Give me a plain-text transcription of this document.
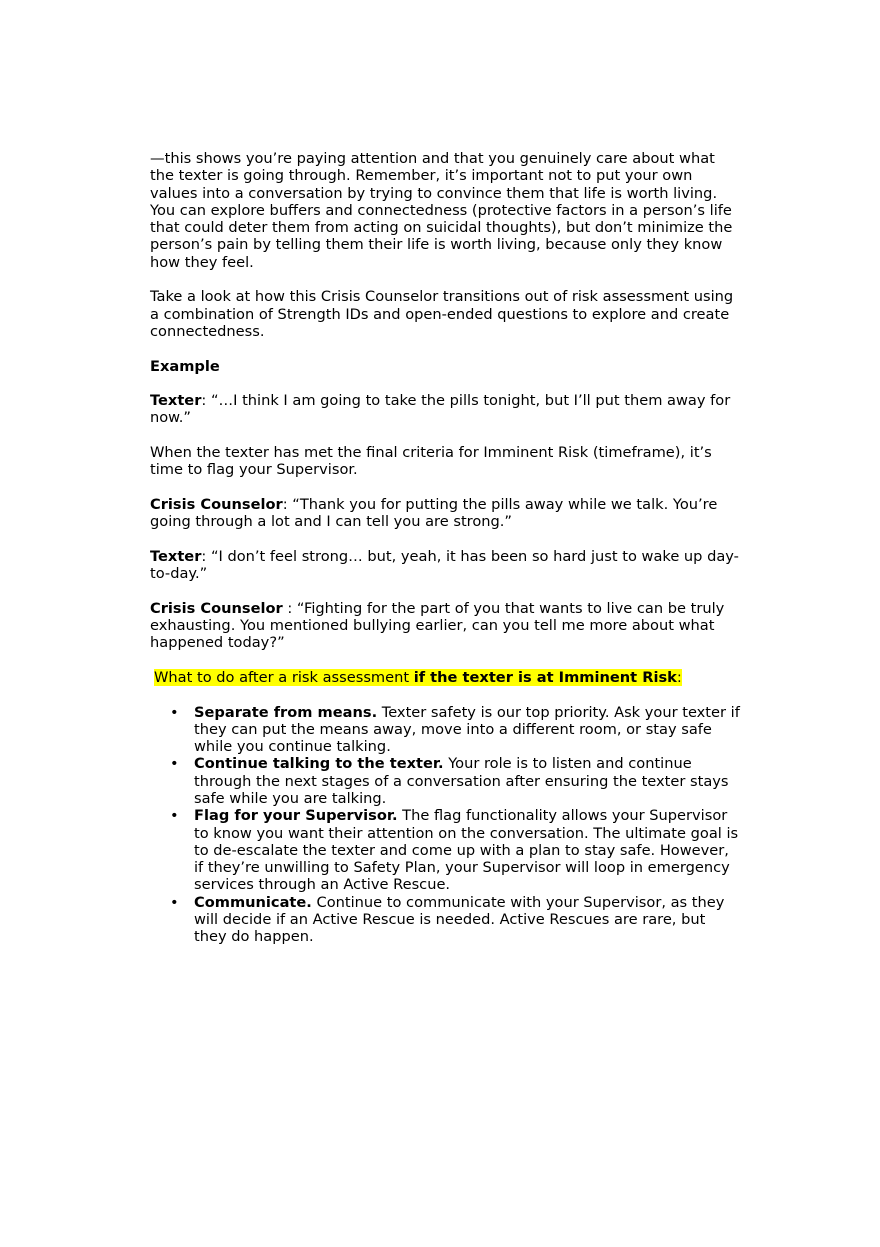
—this shows you’re paying attention and that you genuinely care about what the texter is going through. Remember, it’s important not to put your own values into a conversation by trying to convince them that life is worth living. You can explore buffers and connectedness (protective factors in a person’s life that could deter them from acting on suicidal thoughts), but don’t minimize the person’s pain by telling them their life is worth living, because only they know how they feel.

Take a look at how this Crisis Counselor transitions out of risk assessment using a combination of Strength IDs and open-ended questions to explore and create connectedness.

Example

Texter: “…I think I am going to take the pills tonight, but I’ll put them away for now.”

When the texter has met the final criteria for Imminent Risk (timeframe), it’s time to flag your Supervisor.

Crisis Counselor: “Thank you for putting the pills away while we talk. You’re going through a lot and I can tell you are strong.”

Texter: “I don’t feel strong… but, yeah, it has been so hard just to wake up day-to-day.”

Crisis Counselor : “Fighting for the part of you that wants to live can be truly exhausting. You mentioned bullying earlier, can you tell me more about what happened today?”

What to do after a risk assessment if the texter is at Imminent Risk:

• Separate from means. Texter safety is our top priority. Ask your texter if they can put the means away, move into a different room, or stay safe while you continue talking.
• Continue talking to the texter. Your role is to listen and continue through the next stages of a conversation after ensuring the texter stays safe while you are talking.
• Flag for your Supervisor. The flag functionality allows your Supervisor to know you want their attention on the conversation. The ultimate goal is to de-escalate the texter and come up with a plan to stay safe. However, if they’re unwilling to Safety Plan, your Supervisor will loop in emergency services through an Active Rescue.
• Communicate. Continue to communicate with your Supervisor, as they will decide if an Active Rescue is needed. Active Rescues are rare, but they do happen.
